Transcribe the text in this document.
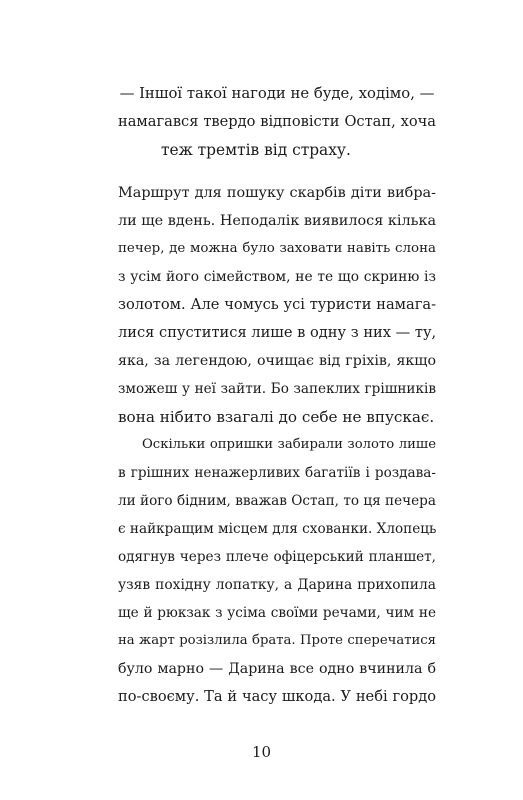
— Іншої такої нагоди не буде, ходімо, —
намагався твердо відповісти Остап, хоча
теж тремтів від страху.
Маршрут для пошуку скарбів діти вибра-
ли ще вдень. Неподалік виявилося кілька
печер, де можна було заховати навіть слона
з усім його сімейством, не те що скриню із
золотом. Але чомусь усі туристи намага-
лися спуститися лише в одну з них — ту,
яка, за легендою, очищає від гріхів, якщо
зможеш у неї зайти. Бо запеклих грішників
вона нібито взагалі до себе не впускає.
Оскільки опришки забирали золото лише
в грішних ненажерливих багатіїв і роздава-
ли його бідним, вважав Остап, то ця печера
є найкращим місцем для схованки. Хлопець
одягнув через плече офіцерський планшет,
узяв похідну лопатку, а Дарина прихопила
ще й рюкзак з усіма своїми речами, чим не
на жарт розізлила брата. Проте сперечатися
було марно — Дарина все одно вчинила б
по-своєму. Та й часу шкода. У небі гордо
10
